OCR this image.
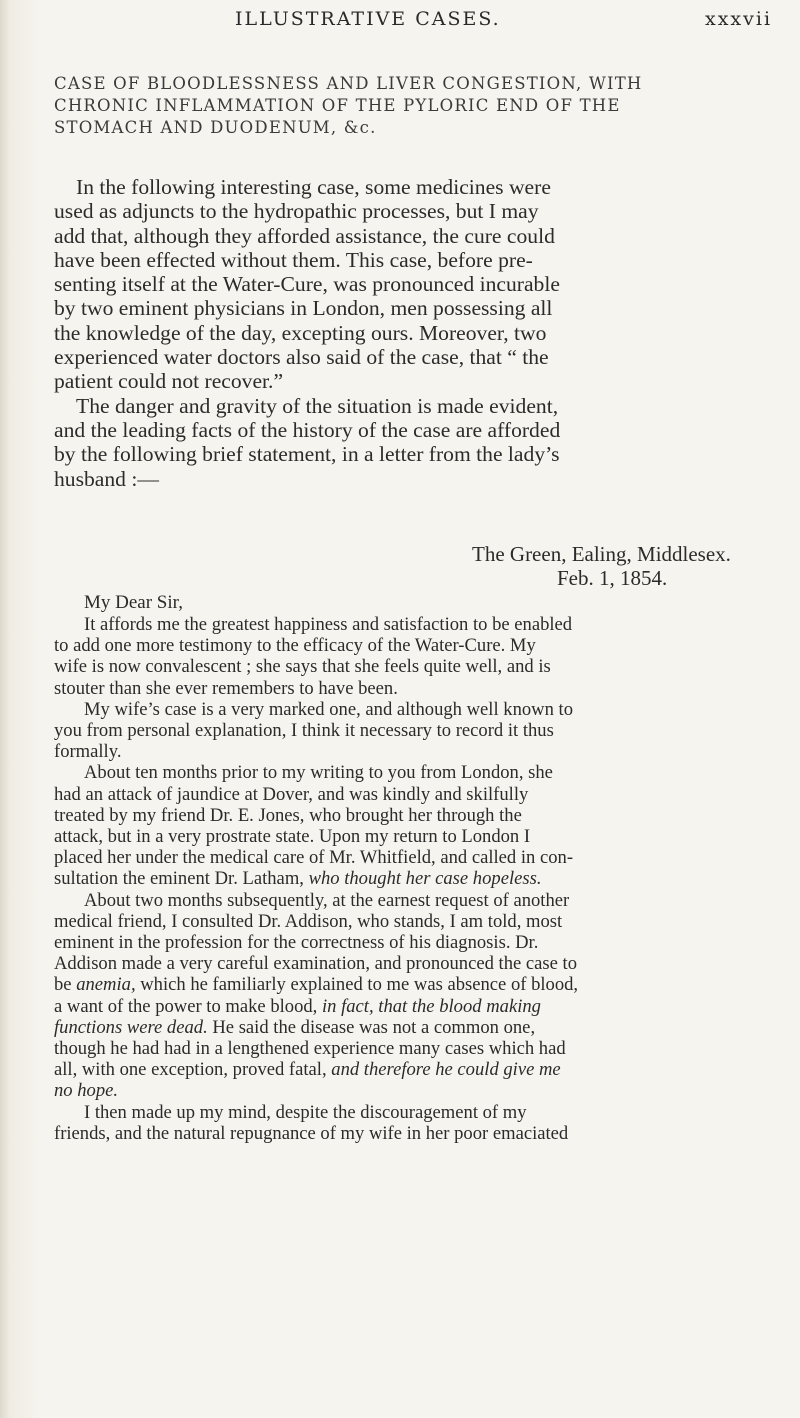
ILLUSTRATIVE CASES.	xxxvii
CASE OF BLOODLESSNESS AND LIVER CONGESTION, WITH
CHRONIC INFLAMMATION OF THE PYLORIC END OF THE
STOMACH AND DUODENUM, &c.
In the following interesting case, some medicines were
used as adjuncts to the hydropathic processes, but I may
add that, although they afforded assistance, the cure could
have been effected without them. This case, before pre-
senting itself at the Water-Cure, was pronounced incurable
by two eminent physicians in London, men possessing all
the knowledge of the day, excepting ours. Moreover, two
experienced water doctors also said of the case, that “ the
patient could not recover.”
The danger and gravity of the situation is made evident,
and the leading facts of the history of the case are afforded
by the following brief statement, in a letter from the lady’s
husband :—
The Green, Ealing, Middlesex.
Feb. 1, 1854.
My Dear Sir,
It affords me the greatest happiness and satisfaction to be enabled
to add one more testimony to the efficacy of the Water-Cure. My
wife is now convalescent ; she says that she feels quite well, and is
stouter than she ever remembers to have been.
My wife’s case is a very marked one, and although well known to
you from personal explanation, I think it necessary to record it thus
formally.
About ten months prior to my writing to you from London, she
had an attack of jaundice at Dover, and was kindly and skilfully
treated by my friend Dr. E. Jones, who brought her through the
attack, but in a very prostrate state. Upon my return to London I
placed her under the medical care of Mr. Whitfield, and called in con-
sultation the eminent Dr. Latham, who thought her case hopeless.
About two months subsequently, at the earnest request of another
medical friend, I consulted Dr. Addison, who stands, I am told, most
eminent in the profession for the correctness of his diagnosis. Dr.
Addison made a very careful examination, and pronounced the case to
be anemia, which he familiarly explained to me was absence of blood,
a want of the power to make blood, in fact, that the blood making
functions were dead. He said the disease was not a common one,
though he had had in a lengthened experience many cases which had
all, with one exception, proved fatal, and therefore he could give me
no hope.
I then made up my mind, despite the discouragement of my
friends, and the natural repugnance of my wife in her poor emaciated
